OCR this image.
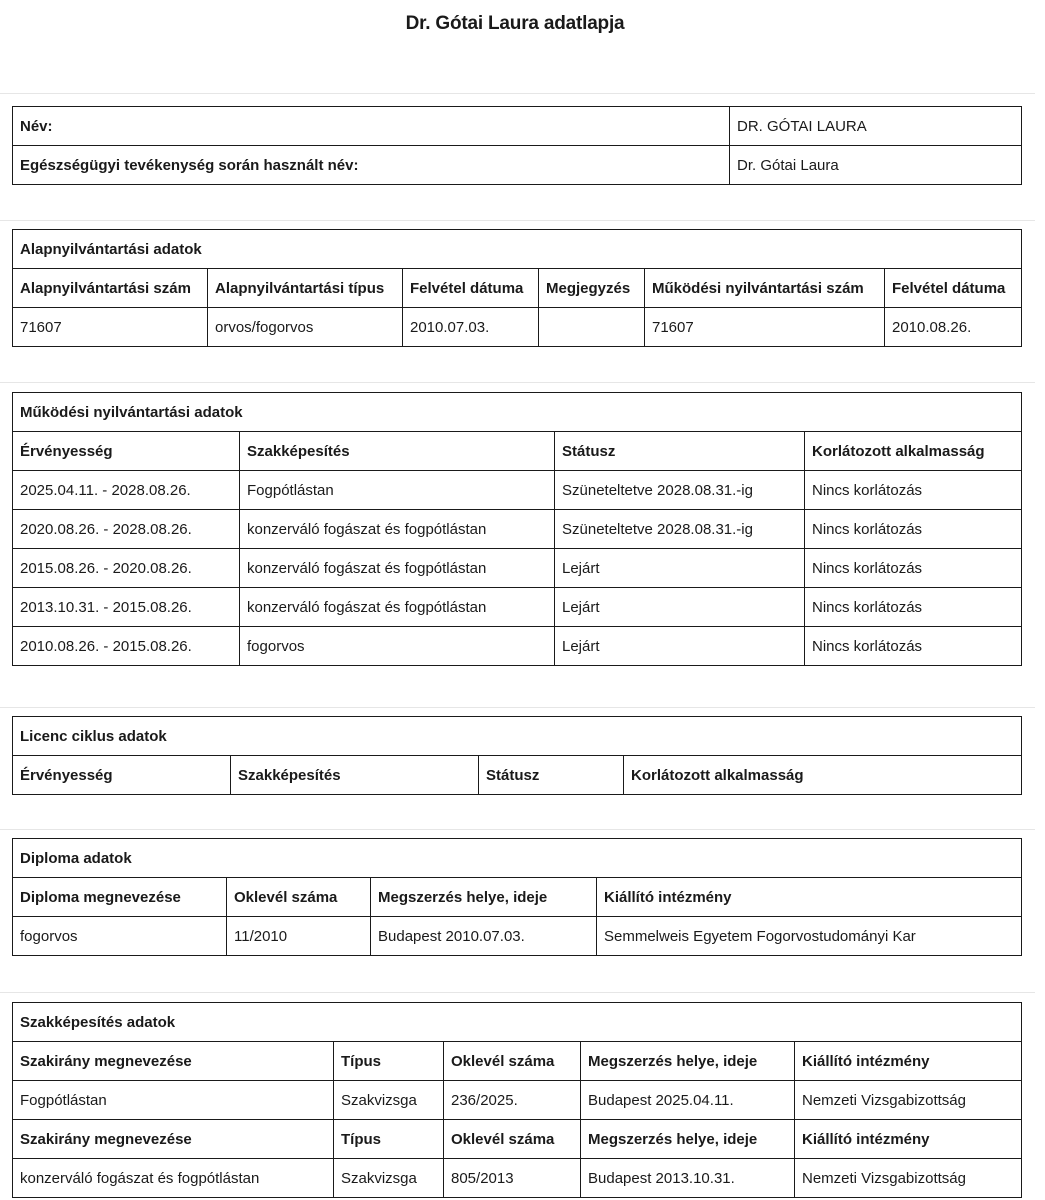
Dr. Gótai Laura adatlapja
Név:	DR. GÓTAI LAURA
Egészségügyi tevékenység során használt név:	Dr. Gótai Laura
Alapnyilvántartási adatok					
Alapnyilvántartási szám	Alapnyilvántartási típus	Felvétel dátuma	Megjegyzés	Működési nyilvántartási szám	Felvétel dátuma
71607	orvos/fogorvos	2010.07.03.		71607	2010.08.26.
Működési nyilvántartási adatok			
Érvényesség	Szakképesítés	Státusz	Korlátozott alkalmasság
2025.04.11. - 2028.08.26.	Fogpótlástan	Szüneteltetve 2028.08.31.-ig	Nincs korlátozás
2020.08.26. - 2028.08.26.	konzerváló fogászat és fogpótlástan	Szüneteltetve 2028.08.31.-ig	Nincs korlátozás
2015.08.26. - 2020.08.26.	konzerváló fogászat és fogpótlástan	Lejárt	Nincs korlátozás
2013.10.31. - 2015.08.26.	konzerváló fogászat és fogpótlástan	Lejárt	Nincs korlátozás
2010.08.26. - 2015.08.26.	fogorvos	Lejárt	Nincs korlátozás
Licenc ciklus adatok
Érvényesség	Szakképesítés	Státusz	Korlátozott alkalmasság
Diploma adatok			
Diploma megnevezése	Oklevél száma	Megszerzés helye, ideje	Kiállító intézmény
fogorvos	11/2010	Budapest 2010.07.03.	Semmelweis Egyetem Fogorvostudományi Kar
Szakképesítés adatok				
Szakirány megnevezése	Típus	Oklevél száma	Megszerzés helye, ideje	Kiállító intézmény
Fogpótlástan	Szakvizsga	236/2025.	Budapest 2025.04.11.	Nemzeti Vizsgabizottság
Szakirány megnevezése	Típus	Oklevél száma	Megszerzés helye, ideje	Kiállító intézmény
konzerváló fogászat és fogpótlástan	Szakvizsga	805/2013	Budapest 2013.10.31.	Nemzeti Vizsgabizottság
